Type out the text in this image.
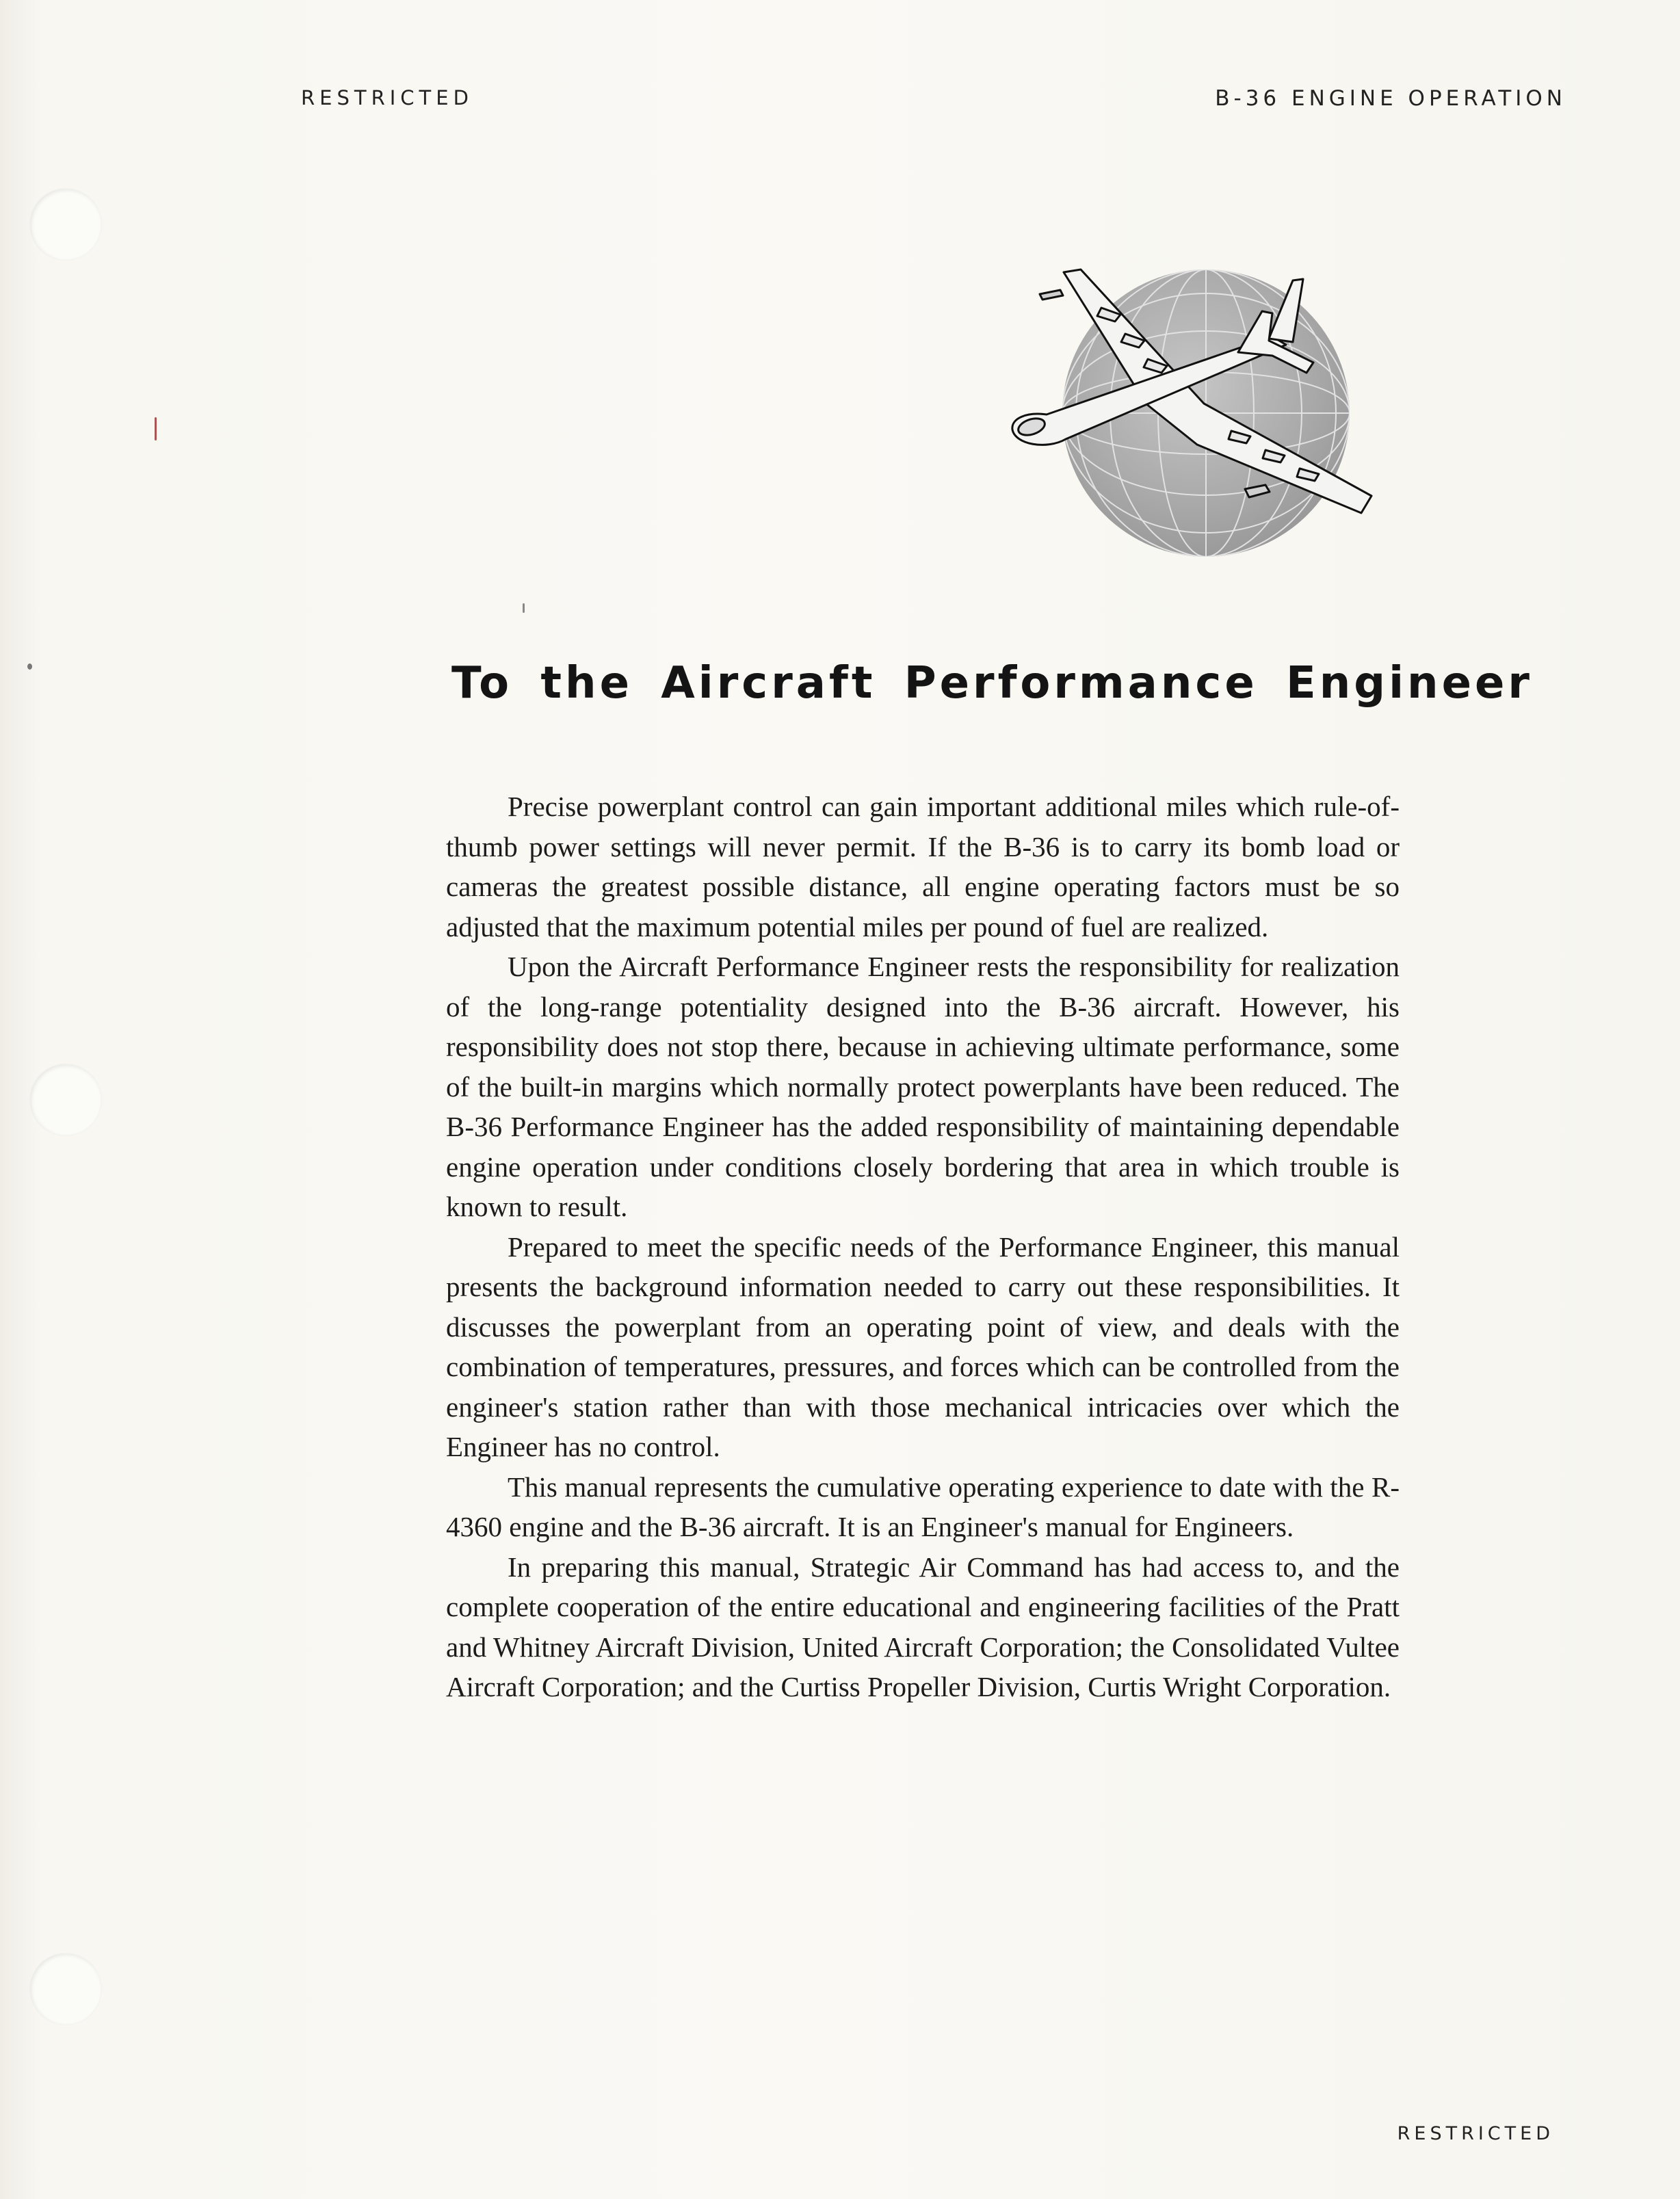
RESTRICTED	B-36 ENGINE OPERATION
To the Aircraft Performance Engineer

Precise powerplant control can gain important additional miles which rule-of-thumb power settings will never permit. If the B-36 is to carry its bomb load or cameras the greatest possible distance, all engine operating factors must be so adjusted that the maximum potential miles per pound of fuel are realized.

Upon the Aircraft Performance Engineer rests the responsibility for realization of the long-range potentiality designed into the B-36 aircraft. However, his responsibility does not stop there, because in achieving ultimate performance, some of the built-in margins which normally protect powerplants have been reduced. The B-36 Performance Engineer has the added responsibility of maintaining dependable engine operation under conditions closely bordering that area in which trouble is known to result.

Prepared to meet the specific needs of the Performance Engineer, this manual presents the background information needed to carry out these responsibilities. It discusses the powerplant from an operating point of view, and deals with the combination of temperatures, pressures, and forces which can be controlled from the engineer's station rather than with those mechanical intricacies over which the Engineer has no control.

This manual represents the cumulative operating experience to date with the R-4360 engine and the B-36 aircraft. It is an Engineer's manual for Engineers.

In preparing this manual, Strategic Air Command has had access to, and the complete cooperation of the entire educational and engineering facilities of the Pratt and Whitney Aircraft Division, United Aircraft Corporation; the Consolidated Vultee Aircraft Corporation; and the Curtiss Propeller Division, Curtis Wright Corporation.

RESTRICTED
